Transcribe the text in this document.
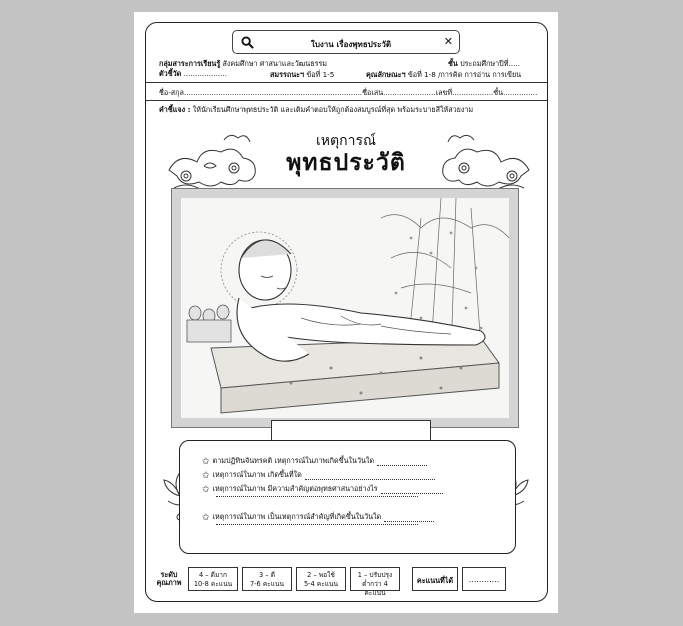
ใบงาน เรื่องพุทธประวัติ	✕
กลุ่มสาระการเรียนรู้ สังคมศึกษา ศาสนาและวัฒนธรรม	ชั้น ประถมศึกษาปีที่.....
ตัวชี้วัด ...................	สมรรถนะฯ ข้อที่ 1-5	คุณลักษณะฯ ข้อที่ 1-8 /การคิด การอ่าน การเขียน
ชื่อ-สกุล..............................................................................ชื่อเล่น.......................เลขที่..................ชั้น...............
คำชี้แจง : ให้นักเรียนศึกษาพุทธประวัติ และเติมคำตอบให้ถูกต้องสมบูรณ์ที่สุด พร้อมระบายสีให้สวยงาม
เหตุการณ์
พุทธประวัติ
✩ ตามปฏิทินจันทรคติ เหตุการณ์ในภาพเกิดขึ้นในวันใด
✩ เหตุการณ์ในภาพ เกิดขึ้นที่ใด
✩ เหตุการณ์ในภาพ มีความสำคัญต่อพุทธศาสนาอย่างไร
✩ เหตุการณ์ในภาพ เป็นเหตุการณ์สำคัญที่เกิดขึ้นในวันใด
ระดับ
คุณภาพ
4 – ดีมาก
10-8 คะแนน
3 – ดี
7-6 คะแนน
2 – พอใช้
5-4 คะแนน
1 – ปรับปรุง
ต่ำกว่า 4 คะแนน
คะแนนที่ได้	............
